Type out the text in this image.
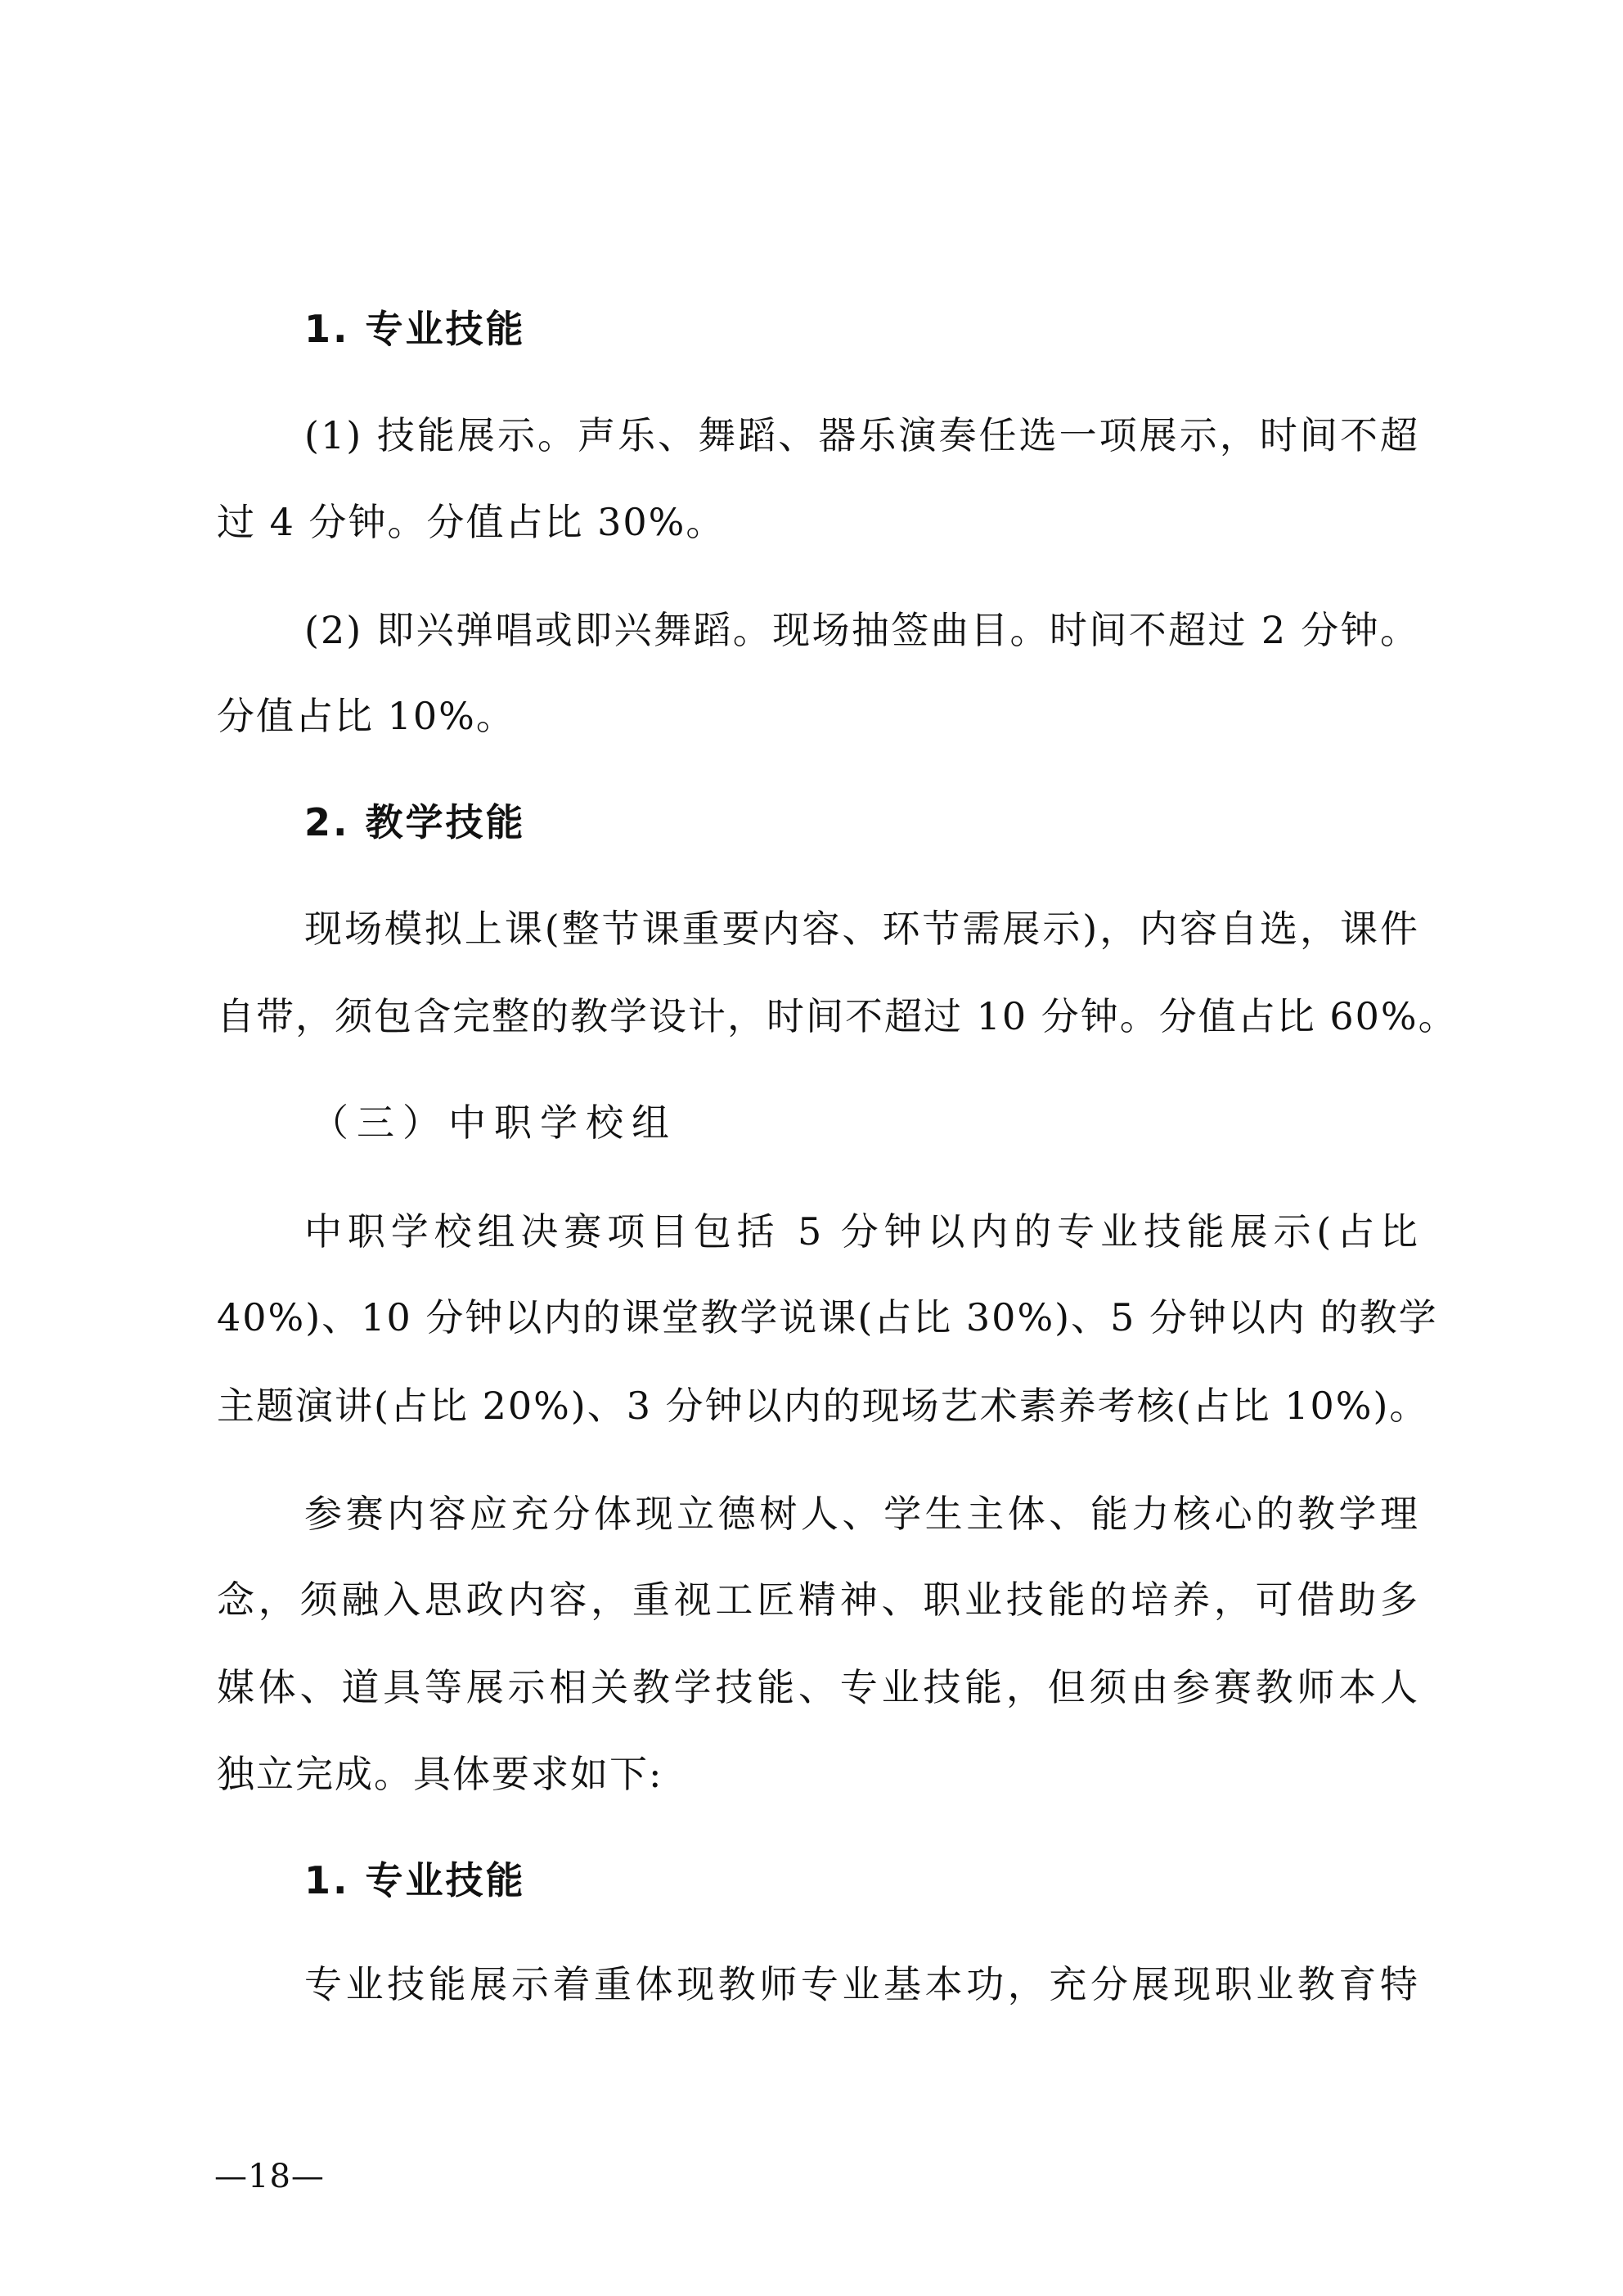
1. 专业技能
(1) 技能展示。声乐、舞蹈、器乐演奏任选一项展示，时间不超
过 4 分钟。分值占比 30%。
(2) 即兴弹唱或即兴舞蹈。现场抽签曲目。时间不超过 2 分钟。
分值占比 10%。
2. 教学技能
现场模拟上课(整节课重要内容、环节需展示)，内容自选，课件
自带，须包含完整的教学设计，时间不超过 10 分钟。分值占比 60%。
（三）中职学校组
中职学校组决赛项目包括 5 分钟以内的专业技能展示(占比
40%)、10 分钟以内的课堂教学说课(占比 30%)、5 分钟以内 的教学
主题演讲(占比 20%)、3 分钟以内的现场艺术素养考核(占比 10%)。
参赛内容应充分体现立德树人、学生主体、能力核心的教学理
念，须融入思政内容，重视工匠精神、职业技能的培养，可借助多
媒体、道具等展示相关教学技能、专业技能，但须由参赛教师本人
独立完成。具体要求如下:
1. 专业技能
专业技能展示着重体现教师专业基本功，充分展现职业教育特
—18—
